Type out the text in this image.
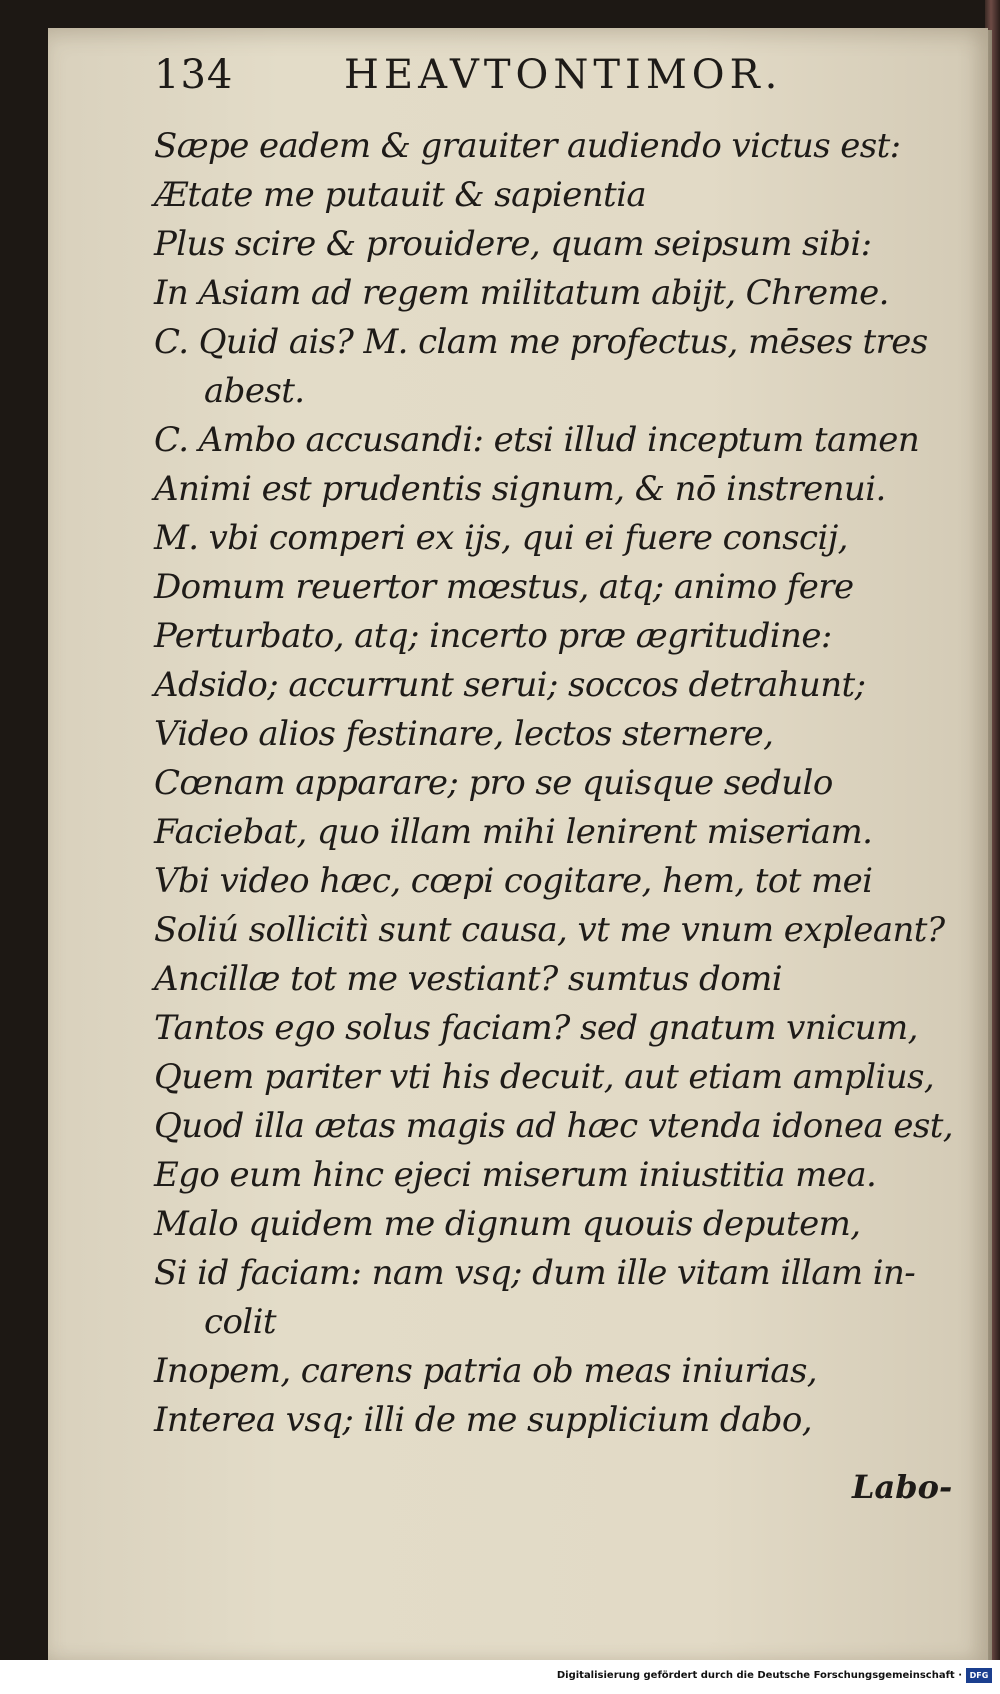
134	HEAVTONTIMOR.
Sæpe eadem & grauiter audiendo victus est:
Ætate me putauit & sapientia
Plus scire & prouidere, quam seipsum sibi:
In Asiam ad regem militatum abijt, Chreme.
C. Quid ais? M. clam me profectus, mēses tres
abest.
C. Ambo accusandi: etsi illud inceptum tamen
Animi est prudentis signum, & nō instrenui.
M. vbi comperi ex ijs, qui ei fuere conscij,
Domum reuertor mœstus, atq; animo fere
Perturbato, atq; incerto præ ægritudine:
Adsido; accurrunt serui; soccos detrahunt;
Video alios festinare, lectos sternere,
Cœnam apparare; pro se quisque sedulo
Faciebat, quo illam mihi lenirent miseriam.
Vbi video hæc, cœpi cogitare, hem, tot mei
Soliú sollicitì sunt causa, vt me vnum expleant?
Ancillæ tot me vestiant? sumtus domi
Tantos ego solus faciam? sed gnatum vnicum,
Quem pariter vti his decuit, aut etiam amplius,
Quod illa ætas magis ad hæc vtenda idonea est,
Ego eum hinc ejeci miserum iniustitia mea.
Malo quidem me dignum quouis deputem,
Si id faciam: nam vsq; dum ille vitam illam in-
colit
Inopem, carens patria ob meas iniurias,
Interea vsq; illi de me supplicium dabo,
Labo-
Digitalisierung gefördert durch die Deutsche Forschungsgemeinschaft · DFG
